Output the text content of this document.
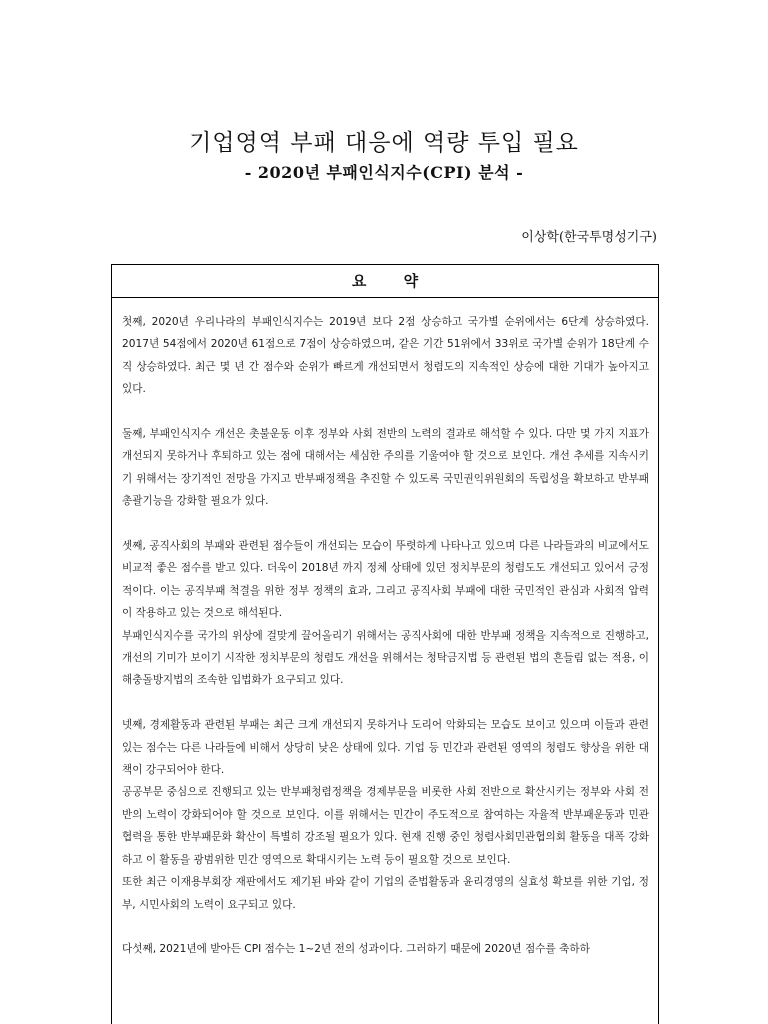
기업영역 부패 대응에 역량 투입 필요
- 2020년 부패인식지수(CPI) 분석 -
이상학(한국투명성기구)
요 약

첫째, 2020년 우리나라의 부패인식지수는 2019년 보다 2점 상승하고 국가별 순위에서는 6단계 상승하였다. 2017년 54점에서 2020년 61점으로 7점이 상승하였으며, 같은 기간 51위에서 33위로 국가별 순위가 18단계 수직 상승하였다. 최근 몇 년 간 점수와 순위가 빠르게 개선되면서 청렴도의 지속적인 상승에 대한 기대가 높아지고 있다.

둘째, 부패인식지수 개선은 촛불운동 이후 정부와 사회 전반의 노력의 결과로 해석할 수 있다. 다만 몇 가지 지표가 개선되지 못하거나 후퇴하고 있는 점에 대해서는 세심한 주의를 기울여야 할 것으로 보인다. 개선 추세를 지속시키기 위해서는 장기적인 전망을 가지고 반부패정책을 추진할 수 있도록 국민권익위원회의 독립성을 확보하고 반부패 총괄기능을 강화할 필요가 있다.

셋째, 공직사회의 부패와 관련된 점수들이 개선되는 모습이 뚜렷하게 나타나고 있으며 다른 나라들과의 비교에서도 비교적 좋은 점수를 받고 있다. 더욱이 2018년 까지 정체 상태에 있던 정치부문의 청렴도도 개선되고 있어서 긍정적이다. 이는 공직부패 척결을 위한 정부 정책의 효과, 그리고 공직사회 부패에 대한 국민적인 관심과 사회적 압력이 작용하고 있는 것으로 해석된다.

부패인식지수를 국가의 위상에 걸맞게 끌어올리기 위해서는 공직사회에 대한 반부패 정책을 지속적으로 진행하고, 개선의 기미가 보이기 시작한 정치부문의 청렴도 개선을 위해서는 청탁금지법 등 관련된 법의 흔들림 없는 적용, 이해충돌방지법의 조속한 입법화가 요구되고 있다.

넷째, 경제활동과 관련된 부패는 최근 크게 개선되지 못하거나 도리어 악화되는 모습도 보이고 있으며 이들과 관련 있는 점수는 다른 나라들에 비해서 상당히 낮은 상태에 있다. 기업 등 민간과 관련된 영역의 청렴도 향상을 위한 대책이 강구되어야 한다.

공공부문 중심으로 진행되고 있는 반부패청렴정책을 경제부문을 비롯한 사회 전반으로 확산시키는 정부와 사회 전반의 노력이 강화되어야 할 것으로 보인다. 이를 위해서는 민간이 주도적으로 참여하는 자율적 반부패운동과 민관협력을 통한 반부패문화 확산이 특별히 강조될 필요가 있다. 현재 진행 중인 청렴사회민관협의회 활동을 대폭 강화하고 이 활동을 광범위한 민간 영역으로 확대시키는 노력 등이 필요할 것으로 보인다.

또한 최근 이재용부회장 재판에서도 제기된 바와 같이 기업의 준법활동과 윤리경영의 실효성 확보를 위한 기업, 정부, 시민사회의 노력이 요구되고 있다.

다섯째, 2021년에 받아든 CPI 점수는 1~2년 전의 성과이다. 그러하기 때문에 2020년 점수를 축하하
